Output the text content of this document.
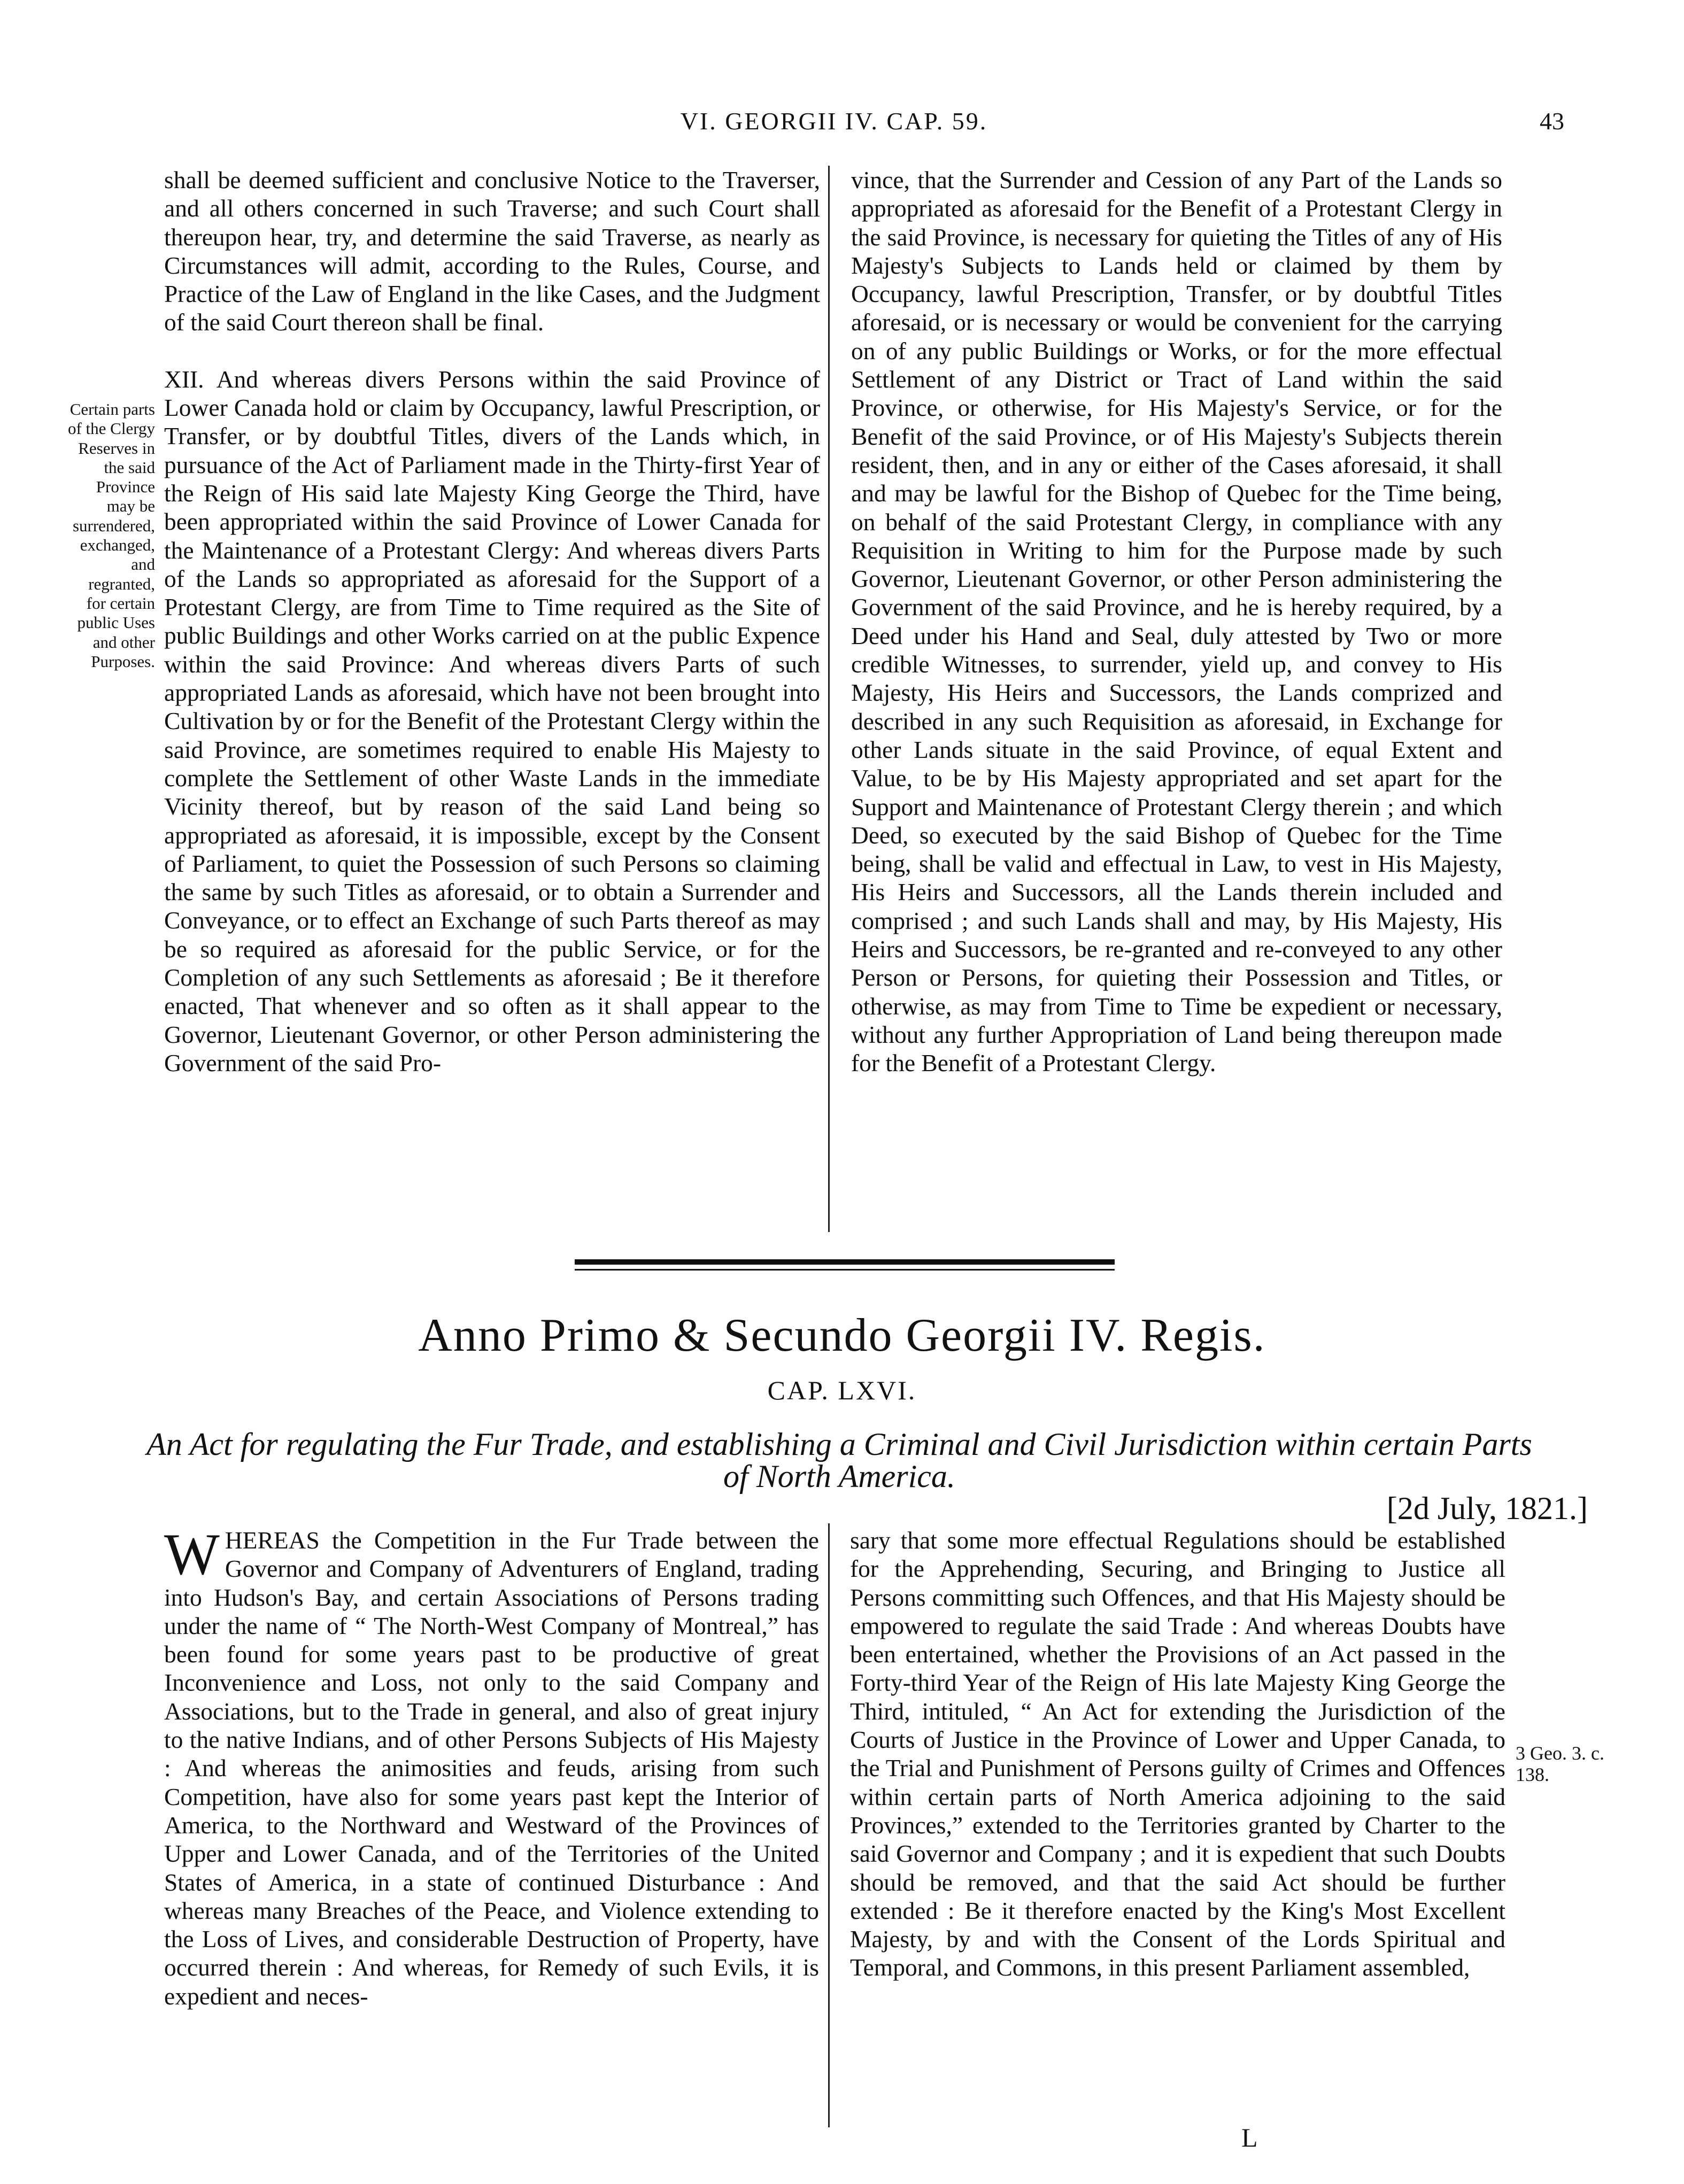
VI. GEORGII IV. CAP. 59.	43

shall be deemed sufficient and conclusive Notice to the Traverser, and all others concerned in such Traverse; and such Court shall thereupon hear, try, and determine the said Traverse, as nearly as Circumstances will admit, according to the Rules, Course, and Practice of the Law of England in the like Cases, and the Judgment of the said Court thereon shall be final.

XII. And whereas divers Persons within the said Province of Lower Canada hold or claim by Occupancy, lawful Prescription, or Transfer, or by doubtful Titles, divers of the Lands which, in pursuance of the Act of Parliament made in the Thirty-first Year of the Reign of His said late Majesty King George the Third, have been appropriated within the said Province of Lower Canada for the Maintenance of a Protestant Clergy: And whereas divers Parts of the Lands so appropriated as aforesaid for the Support of a Protestant Clergy, are from Time to Time required as the Site of public Buildings and other Works carried on at the public Expence within the said Province: And whereas divers Parts of such appropriated Lands as aforesaid, which have not been brought into Cultivation by or for the Benefit of the Protestant Clergy within the said Province, are sometimes required to enable His Majesty to complete the Settlement of other Waste Lands in the immediate Vicinity thereof, but by reason of the said Land being so appropriated as aforesaid, it is impossible, except by the Consent of Parliament, to quiet the Possession of such Persons so claiming the same by such Titles as aforesaid, or to obtain a Surrender and Conveyance, or to effect an Exchange of such Parts thereof as may be so required as aforesaid for the public Service, or for the Completion of any such Settlements as aforesaid ; Be it therefore enacted, That whenever and so often as it shall appear to the Governor, Lieutenant Governor, or other Person administering the Government of the said Pro-

Certain parts of the Clergy Reserves in the said Province may be surrendered, exchanged, and regranted, for certain public Uses and other Purposes.
vince, that the Surrender and Cession of any Part of the Lands so appropriated as aforesaid for the Benefit of a Protestant Clergy in the said Province, is necessary for quieting the Titles of any of His Majesty's Subjects to Lands held or claimed by them by Occupancy, lawful Prescription, Transfer, or by doubtful Titles aforesaid, or is necessary or would be convenient for the carrying on of any public Buildings or Works, or for the more effectual Settlement of any District or Tract of Land within the said Province, or otherwise, for His Majesty's Service, or for the Benefit of the said Province, or of His Majesty's Subjects therein resident, then, and in any or either of the Cases aforesaid, it shall and may be lawful for the Bishop of Quebec for the Time being, on behalf of the said Protestant Clergy, in compliance with any Requisition in Writing to him for the Purpose made by such Governor, Lieutenant Governor, or other Person administering the Government of the said Province, and he is hereby required, by a Deed under his Hand and Seal, duly attested by Two or more credible Witnesses, to surrender, yield up, and convey to His Majesty, His Heirs and Successors, the Lands comprized and described in any such Requisition as aforesaid, in Exchange for other Lands situate in the said Province, of equal Extent and Value, to be by His Majesty appropriated and set apart for the Support and Maintenance of Protestant Clergy therein ; and which Deed, so executed by the said Bishop of Quebec for the Time being, shall be valid and effectual in Law, to vest in His Majesty, His Heirs and Successors, all the Lands therein included and comprised ; and such Lands shall and may, by His Majesty, His Heirs and Successors, be re-granted and re-conveyed to any other Person or Persons, for quieting their Possession and Titles, or otherwise, as may from Time to Time be expedient or necessary, without any further Appropriation of Land being thereupon made for the Benefit of a Protestant Clergy.
Anno Primo & Secundo Georgii IV. Regis.
CAP. LXVI.
An Act for regulating the Fur Trade, and establishing a Criminal and Civil Jurisdiction within certain Parts
of North America.
[2d July, 1821.]
W HEREAS the Competition in the Fur Trade between the Governor and Company of Adventurers of England, trading into Hudson's Bay, and certain Associations of Persons trading under the name of “ The North-West Company of Montreal,” has been found for some years past to be productive of great Inconvenience and Loss, not only to the said Company and Associations, but to the Trade in general, and also of great injury to the native Indians, and of other Persons Subjects of His Majesty : And whereas the animosities and feuds, arising from such Competition, have also for some years past kept the Interior of America, to the Northward and Westward of the Provinces of Upper and Lower Canada, and of the Territories of the United States of America, in a state of continued Disturbance : And whereas many Breaches of the Peace, and Violence extending to the Loss of Lives, and considerable Destruction of Property, have occurred therein : And whereas, for Remedy of such Evils, it is expedient and neces-
sary that some more effectual Regulations should be established for the Apprehending, Securing, and Bringing to Justice all Persons committing such Offences, and that His Majesty should be empowered to regulate the said Trade : And whereas Doubts have been entertained, whether the Provisions of an Act passed in the Forty-third Year of the Reign of His late Majesty King George the Third, intituled, “ An Act for extending the Jurisdiction of the Courts of Justice in the Province of Lower and Upper Canada, to the Trial and Punishment of Persons guilty of Crimes and Offences within certain parts of North America adjoining to the said Provinces,” extended to the Territories granted by Charter to the said Governor and Company ; and it is expedient that such Doubts should be removed, and that the said Act should be further extended : Be it therefore enacted by the King's Most Excellent Majesty, by and with the Consent of the Lords Spiritual and Temporal, and Commons, in this present Parliament assembled,
3 Geo. 3. c. 138.
L
